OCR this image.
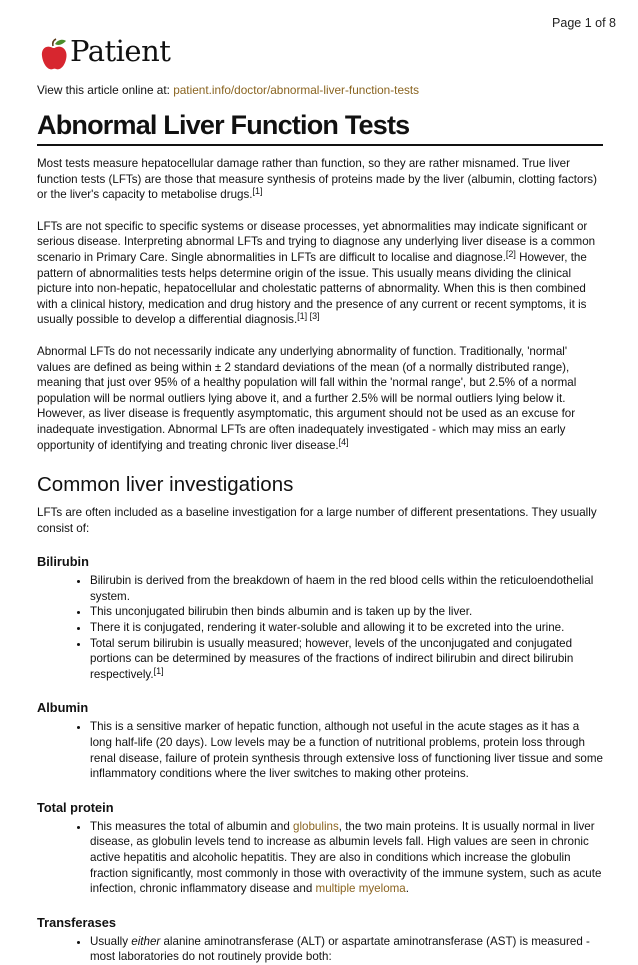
Page 1 of 8
Patient
View this article online at: patient.info/doctor/abnormal-liver-function-tests
Abnormal Liver Function Tests

Most tests measure hepatocellular damage rather than function, so they are rather misnamed. True liver function tests (LFTs) are those that measure synthesis of proteins made by the liver (albumin, clotting factors) or the liver's capacity to metabolise drugs.[1]

LFTs are not specific to specific systems or disease processes, yet abnormalities may indicate significant or serious disease. Interpreting abnormal LFTs and trying to diagnose any underlying liver disease is a common scenario in Primary Care. Single abnormalities in LFTs are difficult to localise and diagnose.[2] However, the pattern of abnormalities tests helps determine origin of the issue. This usually means dividing the clinical picture into non-hepatic, hepatocellular and cholestatic patterns of abnormality. When this is then combined with a clinical history, medication and drug history and the presence of any current or recent symptoms, it is usually possible to develop a differential diagnosis.[1] [3]

Abnormal LFTs do not necessarily indicate any underlying abnormality of function. Traditionally, 'normal' values are defined as being within ± 2 standard deviations of the mean (of a normally distributed range), meaning that just over 95% of a healthy population will fall within the 'normal range', but 2.5% of a normal population will be normal outliers lying above it, and a further 2.5% will be normal outliers lying below it. However, as liver disease is frequently asymptomatic, this argument should not be used as an excuse for inadequate investigation. Abnormal LFTs are often inadequately investigated - which may miss an early opportunity of identifying and treating chronic liver disease.[4]

Common liver investigations

LFTs are often included as a baseline investigation for a large number of different presentations. They usually consist of:

Bilirubin
• Bilirubin is derived from the breakdown of haem in the red blood cells within the reticuloendothelial system.
• This unconjugated bilirubin then binds albumin and is taken up by the liver.
• There it is conjugated, rendering it water-soluble and allowing it to be excreted into the urine.
• Total serum bilirubin is usually measured; however, levels of the unconjugated and conjugated portions can be determined by measures of the fractions of indirect bilirubin and direct bilirubin respectively.[1]
Albumin
• This is a sensitive marker of hepatic function, although not useful in the acute stages as it has a long half-life (20 days). Low levels may be a function of nutritional problems, protein loss through renal disease, failure of protein synthesis through extensive loss of functioning liver tissue and some inflammatory conditions where the liver switches to making other proteins.
Total protein
• This measures the total of albumin and globulins, the two main proteins. It is usually normal in liver disease, as globulin levels tend to increase as albumin levels fall. High values are seen in chronic active hepatitis and alcoholic hepatitis. They are also in conditions which increase the globulin fraction significantly, most commonly in those with overactivity of the immune system, such as acute infection, chronic inflammatory disease and multiple myeloma.
Transferases
• Usually either alanine aminotransferase (ALT) or aspartate aminotransferase (AST) is measured - most laboratories do not routinely provide both:
